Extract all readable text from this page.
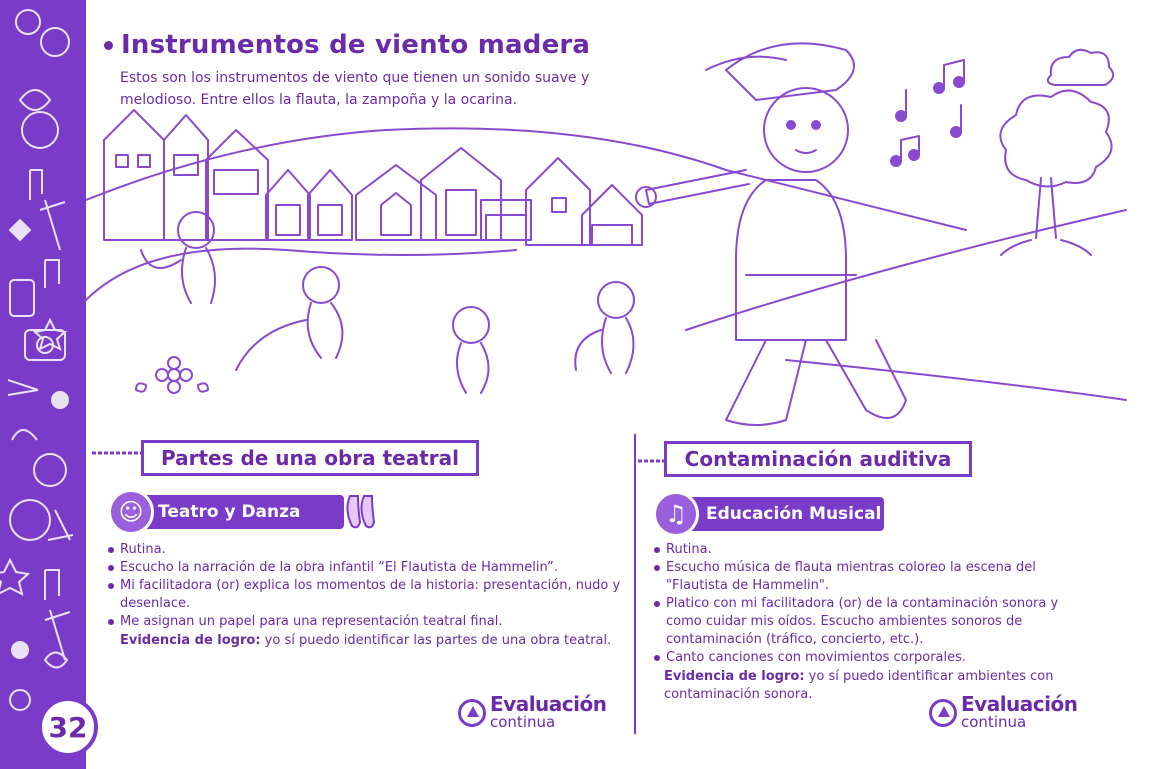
32
Instrumentos de viento madera
Estos son los instrumentos de viento que tienen un sonido suave y melodioso. Entre ellos la flauta, la zampoña y la ocarina.
Partes de una obra teatral
Teatro y Danza
☺
Rutina.
Escucho la narración de la obra infantil “El Flautista de Hammelin”.
Mi facilitadora (or) explica los momentos de la historia: presentación, nudo y desenlace.
Me asignan un papel para una representación teatral final.
Evidencia de logro: yo sí puedo identificar las partes de una obra teatral.
Evaluación
continua
Contaminación auditiva
Educación Musical
♫
Rutina.
Escucho música de flauta mientras coloreo la escena del "Flautista de Hammelin".
Platico con mi facilitadora (or) de la contaminación sonora y como cuidar mis oídos. Escucho ambientes sonoros de contaminación (tráfico, concierto, etc.).
Canto canciones con movimientos corporales.
Evidencia de logro: yo sí puedo identificar ambientes con contaminación sonora.	Evaluación
continua
